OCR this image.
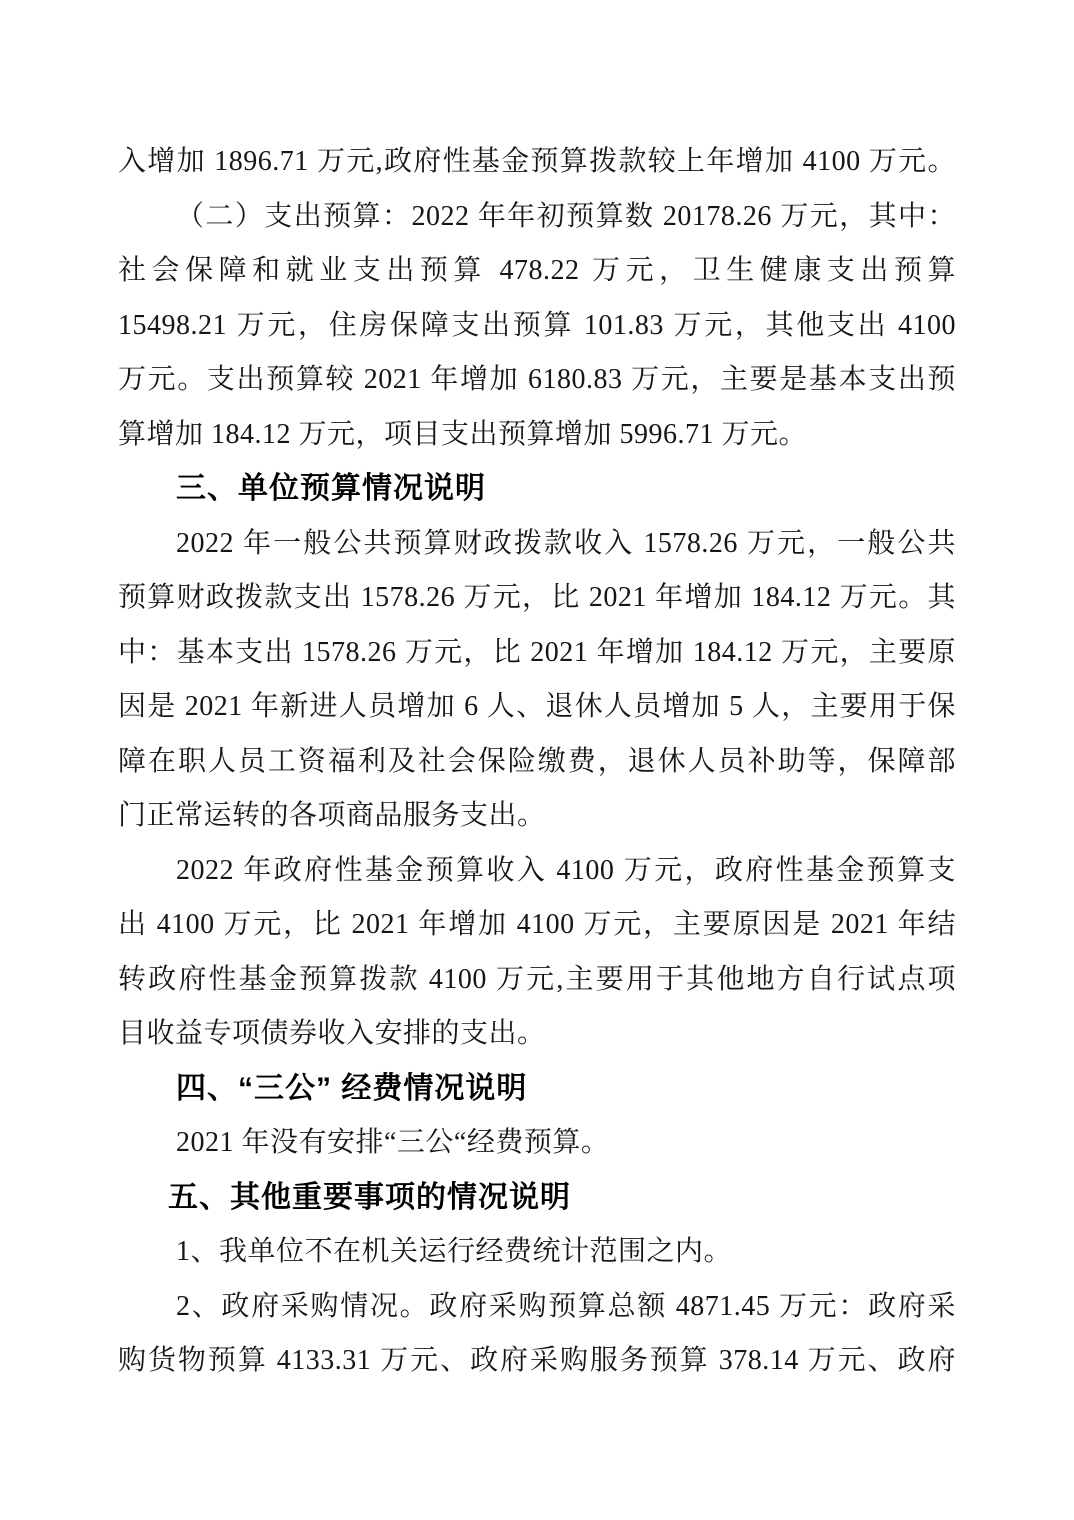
入增加 1896.71 万元,政府性基金预算拨款较上年增加 4100 万元。
（二）支出预算：2022 年年初预算数 20178.26 万元，其中：
社会保障和就业支出预算 478.22 万元，卫生健康支出预算
15498.21 万元，住房保障支出预算 101.83 万元，其他支出 4100
万元。支出预算较 2021 年增加 6180.83 万元，主要是基本支出预
算增加 184.12 万元，项目支出预算增加 5996.71 万元。
三、单位预算情况说明
2022 年一般公共预算财政拨款收入 1578.26 万元，一般公共
预算财政拨款支出 1578.26 万元，比 2021 年增加 184.12 万元。其
中：基本支出 1578.26 万元，比 2021 年增加 184.12 万元，主要原
因是 2021 年新进人员增加 6 人、退休人员增加 5 人，主要用于保
障在职人员工资福利及社会保险缴费，退休人员补助等，保障部
门正常运转的各项商品服务支出。
2022 年政府性基金预算收入 4100 万元，政府性基金预算支
出 4100 万元，比 2021 年增加 4100 万元，主要原因是 2021 年结
转政府性基金预算拨款 4100 万元,主要用于其他地方自行试点项
目收益专项债券收入安排的支出。
四、“三公” 经费情况说明
2021 年没有安排“三公“经费预算。
五、其他重要事项的情况说明
1、我单位不在机关运行经费统计范围之内。
2、政府采购情况。政府采购预算总额 4871.45 万元：政府采
购货物预算 4133.31 万元、政府采购服务预算 378.14 万元、政府
